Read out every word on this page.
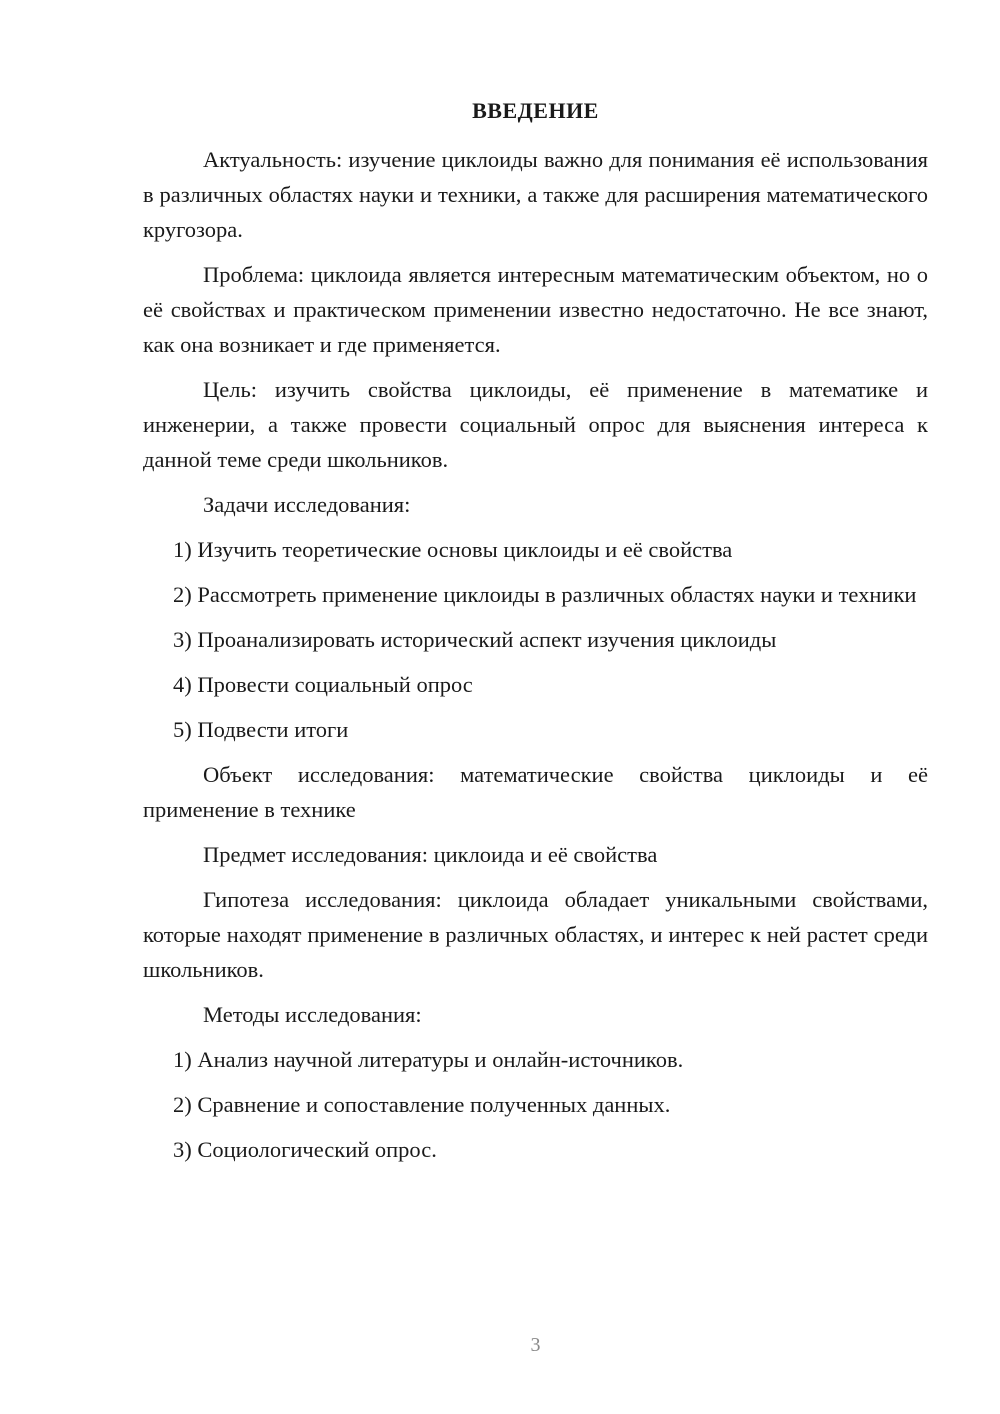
ВВЕДЕНИЕ

Актуальность: изучение циклоиды важно для понимания её использования в различных областях науки и техники, а также для расширения математического кругозора.

Проблема: циклоида является интересным математическим объектом, но о её свойствах и практическом применении известно недостаточно. Не все знают, как она возникает и где применяется.

Цель: изучить свойства циклоиды, её применение в математике и инженерии, а также провести социальный опрос для выяснения интереса к данной теме среди школьников.

Задачи исследования:

1) Изучить теоретические основы циклоиды и её свойства

2) Рассмотреть применение циклоиды в различных областях науки и техники

3) Проанализировать исторический аспект изучения циклоиды

4) Провести социальный опрос

5) Подвести итоги

Объект исследования: математические свойства циклоиды и её применение в технике

Предмет исследования: циклоида и её свойства

Гипотеза исследования: циклоида обладает уникальными свойствами, которые находят применение в различных областях, и интерес к ней растет среди школьников.

Методы исследования:

1) Анализ научной литературы и онлайн-источников.

2) Сравнение и сопоставление полученных данных.

3) Социологический опрос.

3
